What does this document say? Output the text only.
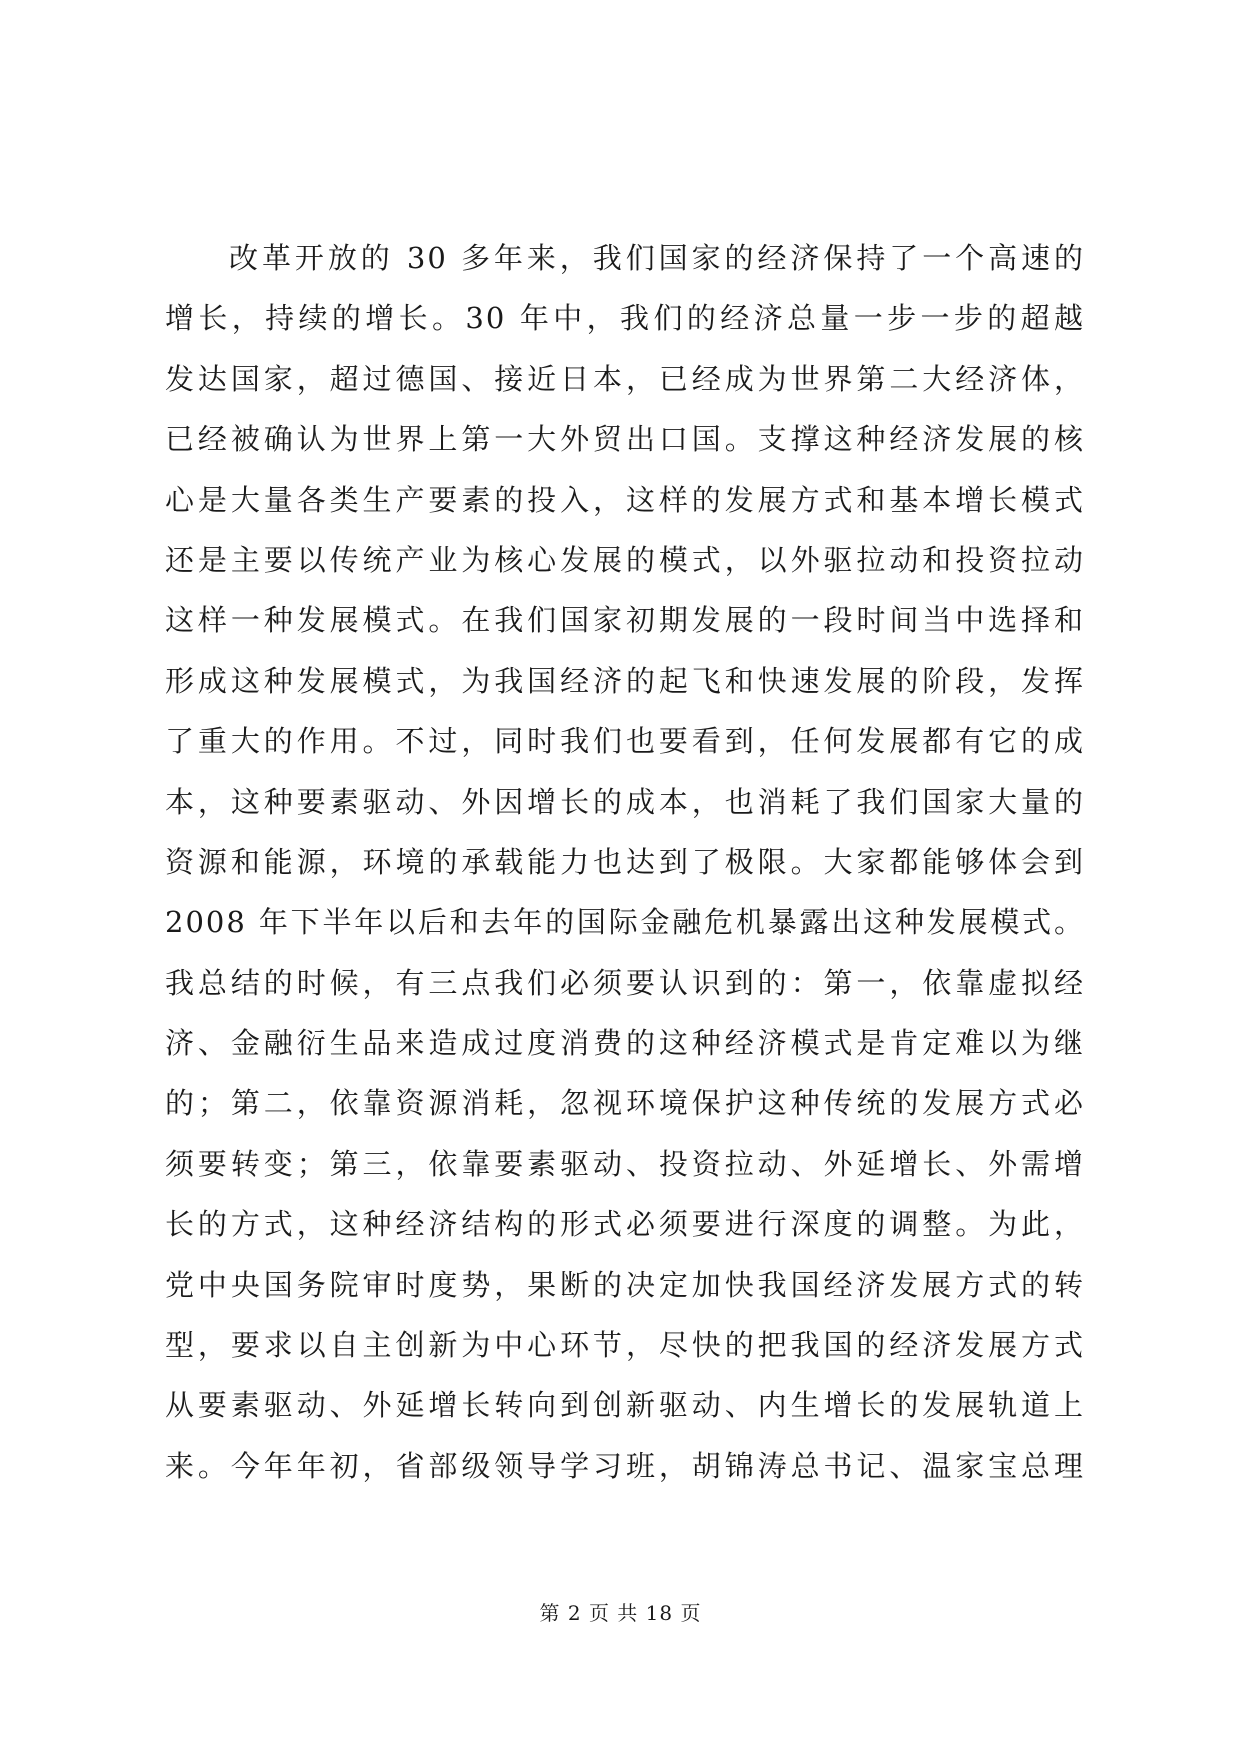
改革开放的 30 多年来，我们国家的经济保持了一个高速的
增长，持续的增长。30 年中，我们的经济总量一步一步的超越
发达国家，超过德国、接近日本，已经成为世界第二大经济体，
已经被确认为世界上第一大外贸出口国。支撑这种经济发展的核
心是大量各类生产要素的投入，这样的发展方式和基本增长模式
还是主要以传统产业为核心发展的模式，以外驱拉动和投资拉动
这样一种发展模式。在我们国家初期发展的一段时间当中选择和
形成这种发展模式，为我国经济的起飞和快速发展的阶段，发挥
了重大的作用。不过，同时我们也要看到，任何发展都有它的成
本，这种要素驱动、外因增长的成本，也消耗了我们国家大量的
资源和能源，环境的承载能力也达到了极限。大家都能够体会到
2008 年下半年以后和去年的国际金融危机暴露出这种发展模式。
我总结的时候，有三点我们必须要认识到的：第一，依靠虚拟经
济、金融衍生品来造成过度消费的这种经济模式是肯定难以为继
的；第二，依靠资源消耗，忽视环境保护这种传统的发展方式必
须要转变；第三，依靠要素驱动、投资拉动、外延增长、外需增
长的方式，这种经济结构的形式必须要进行深度的调整。为此，
党中央国务院审时度势，果断的决定加快我国经济发展方式的转
型，要求以自主创新为中心环节，尽快的把我国的经济发展方式
从要素驱动、外延增长转向到创新驱动、内生增长的发展轨道上
来。今年年初，省部级领导学习班，胡锦涛总书记、温家宝总理
第 2 页 共 18 页
